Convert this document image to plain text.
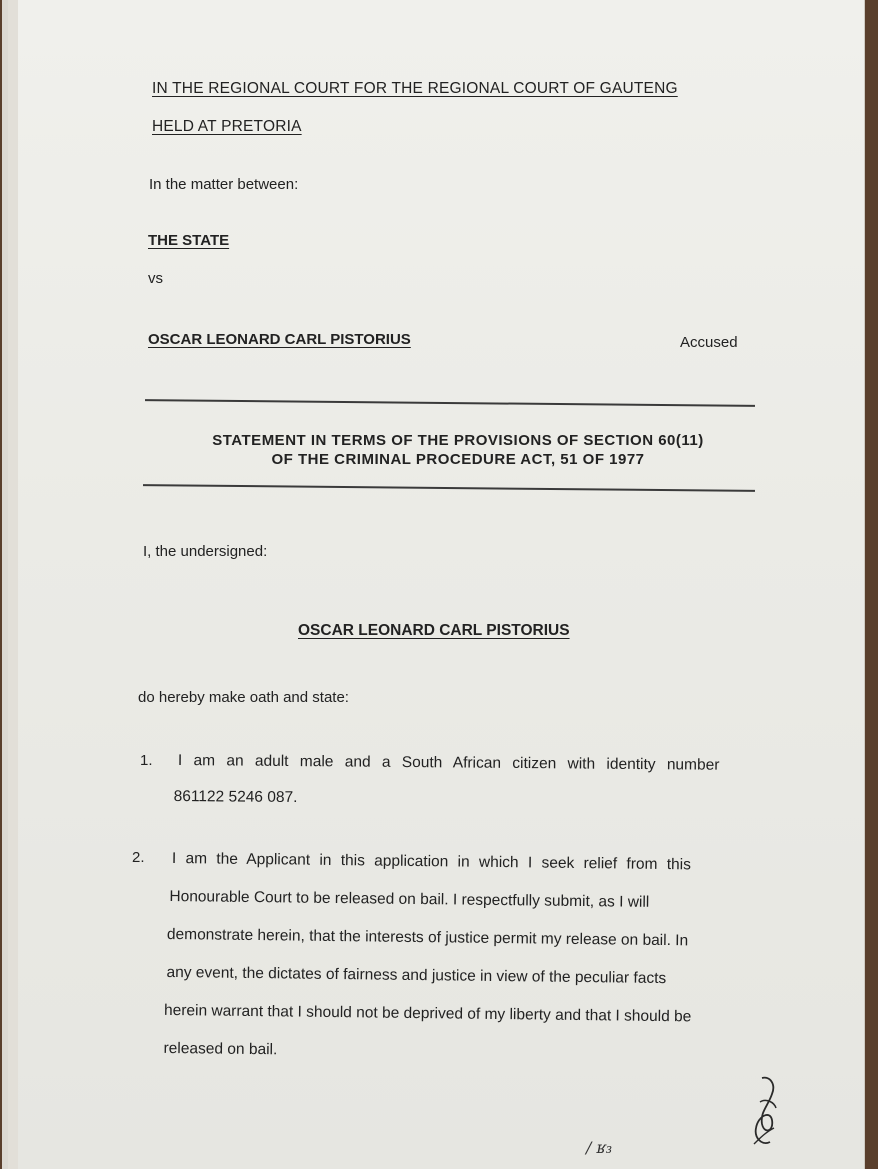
IN THE REGIONAL COURT FOR THE REGIONAL COURT OF GAUTENG
HELD AT PRETORIA
In the matter between:
THE STATE
vs
OSCAR LEONARD CARL PISTORIUS	Accused
STATEMENT IN TERMS OF THE PROVISIONS OF SECTION 60(11)
OF THE CRIMINAL PROCEDURE ACT, 51 OF 1977
I, the undersigned:
OSCAR LEONARD CARL PISTORIUS
do hereby make oath and state:
1. I am an adult male and a South African citizen with identity number
861122 5246 087.
2. I am the Applicant in this application in which I seek relief from this
Honourable Court to be released on bail. I respectfully submit, as I will
demonstrate herein, that the interests of justice permit my release on bail. In
any event, the dictates of fairness and justice in view of the peculiar facts
herein warrant that I should not be deprived of my liberty and that I should be
released on bail.
/ ʁ₃
